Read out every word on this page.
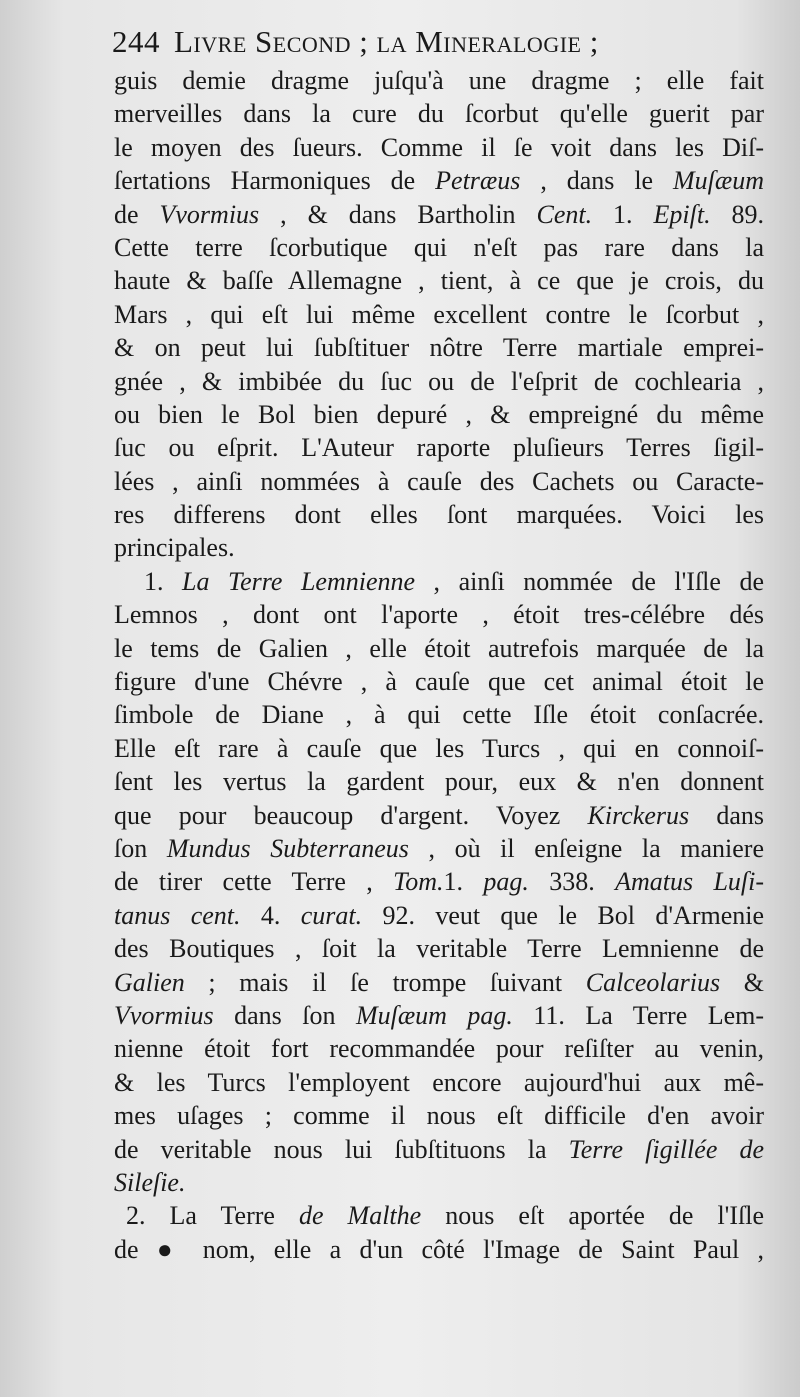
244 Livre Second ; la Mineralogie ;
guis demie dragme juſqu'à une dragme ; elle fait
merveilles dans la cure du ſcorbut qu'elle guerit par
le moyen des ſueurs. Comme il ſe voit dans les Diſ-
ſertations Harmoniques de Petræus , dans le Muſæum
de Vvormius , & dans Bartholin Cent. 1. Epiſt. 89.
Cette terre ſcorbutique qui n'eſt pas rare dans la
haute & baſſe Allemagne , tient, à ce que je crois, du
Mars , qui eſt lui même excellent contre le ſcorbut ,
& on peut lui ſubſtituer nôtre Terre martiale emprei-
gnée , & imbibée du ſuc ou de l'eſprit de cochlearia ,
ou bien le Bol bien depuré , & empreigné du même
ſuc ou eſprit. L'Auteur raporte pluſieurs Terres ſigil-
lées , ainſi nommées à cauſe des Cachets ou Caracte-
res differens dont elles ſont marquées. Voici les
principales.
1. La Terre Lemnienne , ainſi nommée de l'Iſle de
Lemnos , dont ont l'aporte , étoit tres-célébre dés
le tems de Galien , elle étoit autrefois marquée de la
figure d'une Chévre , à cauſe que cet animal étoit le
ſimbole de Diane , à qui cette Iſle étoit conſacrée.
Elle eſt rare à cauſe que les Turcs , qui en connoiſ-
ſent les vertus la gardent pour, eux & n'en donnent
que pour beaucoup d'argent. Voyez Kirckerus dans
ſon Mundus Subterraneus , où il enſeigne la maniere
de tirer cette Terre , Tom.1. pag. 338. Amatus Luſi-
tanus cent. 4. curat. 92. veut que le Bol d'Armenie
des Boutiques , ſoit la veritable Terre Lemnienne de
Galien ; mais il ſe trompe ſuivant Calceolarius &
Vvormius dans ſon Muſæum pag. 11. La Terre Lem-
nienne étoit fort recommandée pour reſiſter au venin,
& les Turcs l'employent encore aujourd'hui aux mê-
mes uſages ; comme il nous eſt difficile d'en avoir
de veritable nous lui ſubſtituons la Terre ſigillée de
Sileſie.
2. La Terre de Malthe nous eſt aportée de l'Iſle
de ● nom, elle a d'un côté l'Image de Saint Paul ,
